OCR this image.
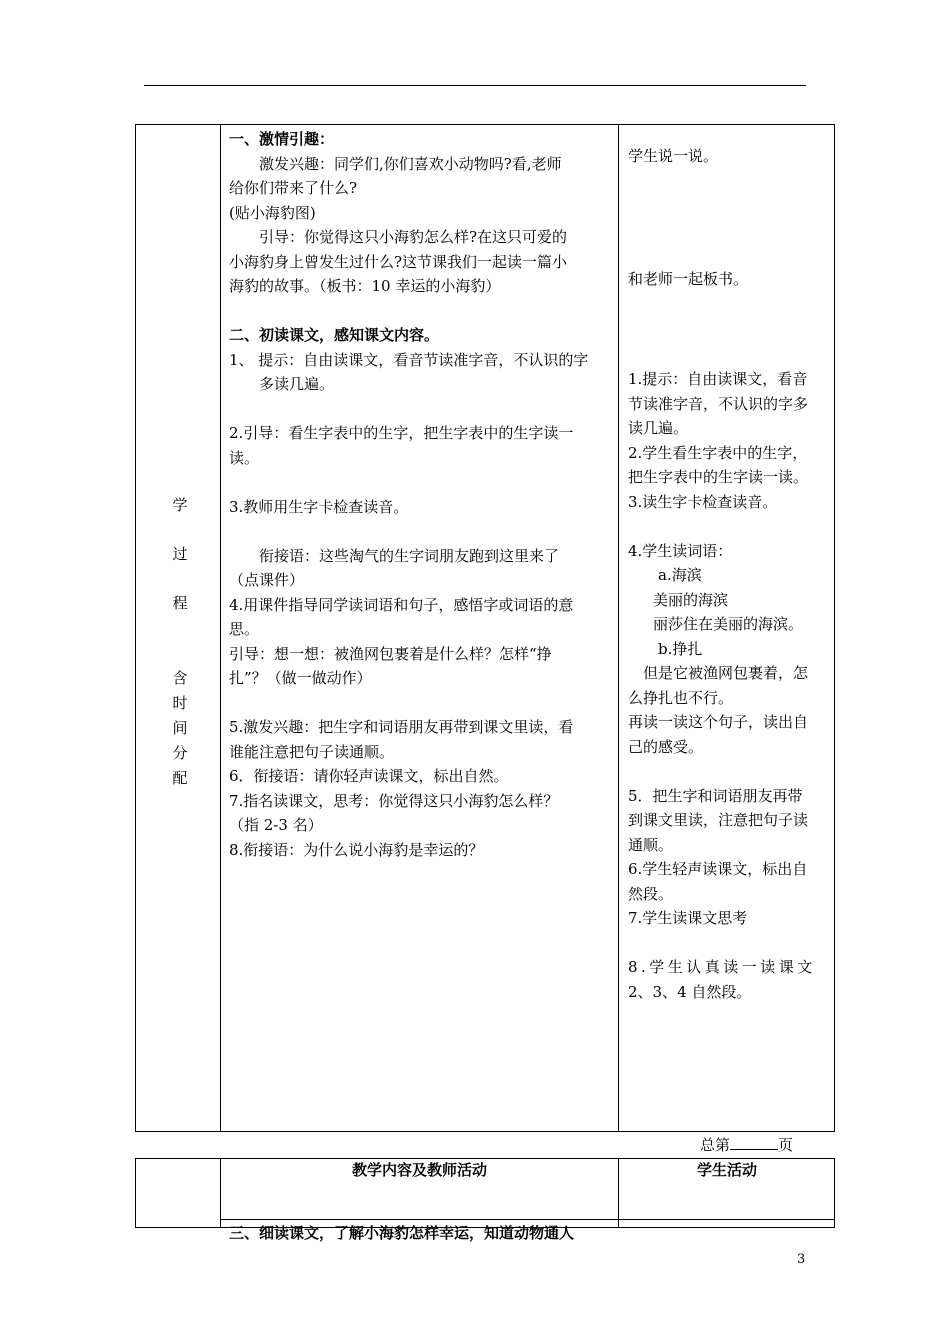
学
过
程
含
时
间
分
配
一、激情引趣：
激发兴趣：同学们,你们喜欢小动物吗?看,老师
给你们带来了什么?
(贴小海豹图)
引导：你觉得这只小海豹怎么样?在这只可爱的
小海豹身上曾发生过什么?这节课我们一起读一篇小
海豹的故事。（板书：10 幸运的小海豹）
二、初读课文，感知课文内容。
1、 提示：自由读课文，看音节读准字音，不认识的字
多读几遍。
2.引导：看生字表中的生字，把生字表中的生字读一
读。
3.教师用生字卡检查读音。
衔接语：这些淘气的生字词朋友跑到这里来了
（点课件）
4.用课件指导同学读词语和句子，感悟字或词语的意
思。
引导：想一想：被渔网包裹着是什么样？怎样“挣
扎”？（做一做动作）
5.激发兴趣：把生字和词语朋友再带到课文里读，看
谁能注意把句子读通顺。
6．衔接语：请你轻声读课文，标出自然。
7.指名读课文，思考：你觉得这只小海豹怎么样？
（指 2-3 名）
8.衔接语：为什么说小海豹是幸运的？
学生说一说。
和老师一起板书。
1.提示：自由读课文，看音
节读准字音，不认识的字多
读几遍。
2.学生看生字表中的生字，
把生字表中的生字读一读。
3.读生字卡检查读音。
4.学生读词语：
a.海滨
美丽的海滨
丽莎住在美丽的海滨。
b.挣扎
但是它被渔网包裹着，怎
么挣扎也不行。
再读一读这个句子，读出自
己的感受。
5．把生字和词语朋友再带
到课文里读，注意把句子读
通顺。
6.学生轻声读课文，标出自
然段。
7.学生读课文思考
8.学生认真读一读课文
2、3、4 自然段。
总第	页
教学内容及教师活动	学生活动
三、细读课文，了解小海豹怎样幸运，知道动物通人
3
